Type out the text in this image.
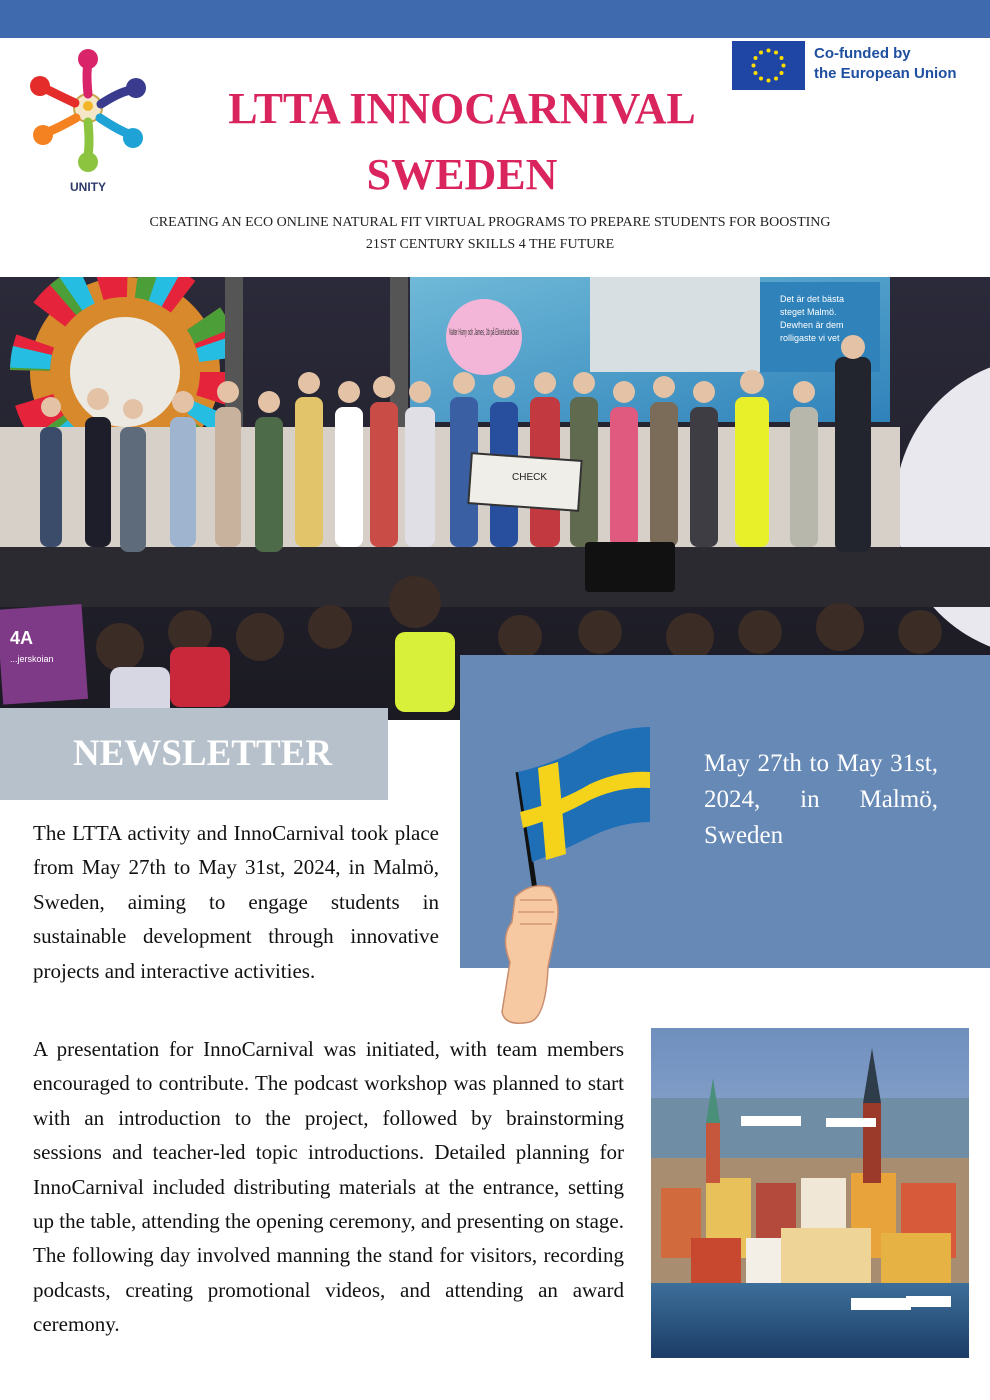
UNITY
LTTA INNOCARNIVAL
SWEDEN
Co-funded by
the European Union
CREATING AN ECO ONLINE NATURAL FIT VIRTUAL PROGRAMS TO PREPARE STUDENTS FOR BOOSTING
21ST CENTURY SKILLS 4 THE FUTURE
Det är det bästa
steget Malmö.
Dewhen är dem
rolligaste vi vet
Valter Harry och James, 3b på Elinelundskolan
CHECK
4A
...jerskoian
May 27th to May 31st, 2024, in Malmö, Sweden
NEWSLETTER

The LTTA activity and InnoCarnival took place from May 27th to May 31st, 2024, in Malmö, Sweden, aiming to engage students in sustainable development through innovative projects and interactive activities.

A presentation for InnoCarnival was initiated, with team members encouraged to contribute. The podcast workshop was planned to start with an introduction to the project, followed by brainstorming sessions and teacher-led topic introductions. Detailed planning for InnoCarnival included distributing materials at the entrance, setting up the table, attending the opening ceremony, and presenting on stage. The following day involved manning the stand for visitors, recording podcasts, creating promotional videos, and attending an award ceremony.
